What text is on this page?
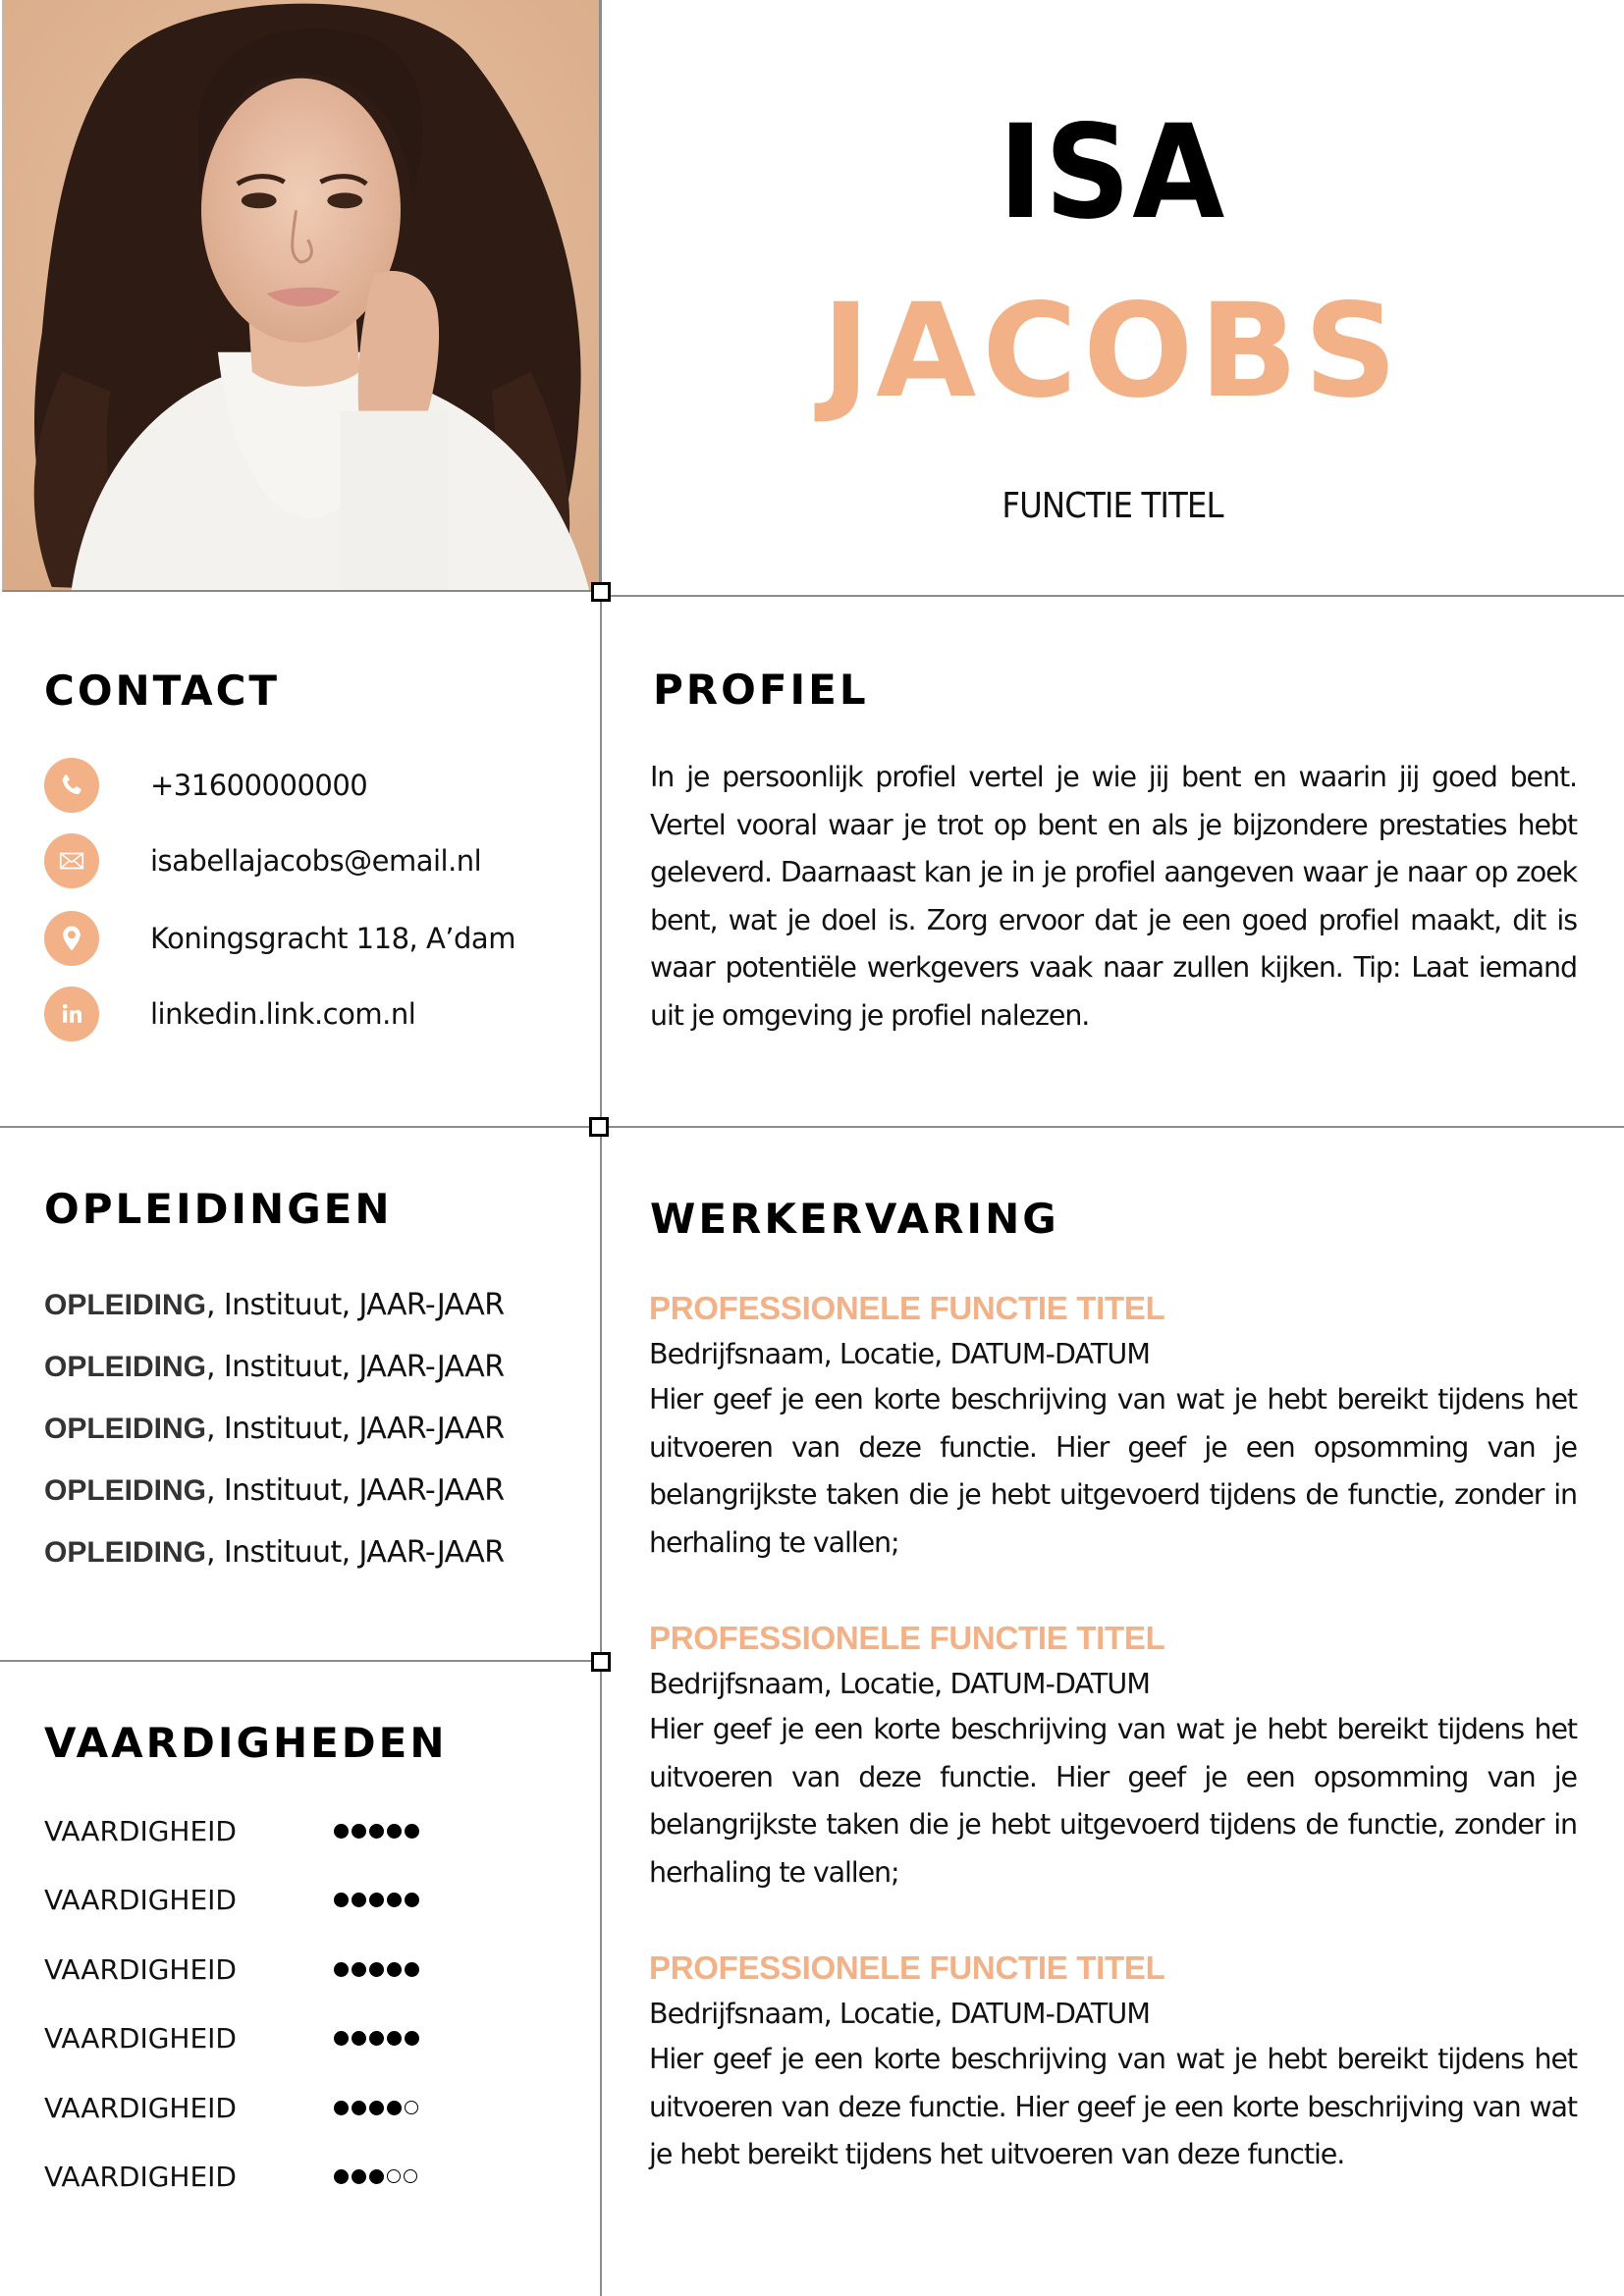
ISA
JACOBS
FUNCTIE TITEL
CONTACT
+31600000000
isabellajacobs@email.nl
Koningsgracht 118, A’dam
linkedin.link.com.nl
PROFIEL
In je persoonlijk profiel vertel je wie jij bent en waarin jij goed bent. Vertel vooral waar je trot op bent en als je bijzondere prestaties hebt geleverd. Daarnaast kan je in je profiel aangeven waar je naar op zoek bent, wat je doel is. Zorg ervoor dat je een goed profiel maakt, dit is waar potentiële werkgevers vaak naar zullen kijken. Tip: Laat iemand uit je omgeving je profiel nalezen.
OPLEIDINGEN
OPLEIDING, Instituut, JAAR-JAAR
OPLEIDING, Instituut, JAAR-JAAR
OPLEIDING, Instituut, JAAR-JAAR
OPLEIDING, Instituut, JAAR-JAAR
OPLEIDING, Instituut, JAAR-JAAR
VAARDIGHEDEN
VAARDIGHEID
VAARDIGHEID
VAARDIGHEID
VAARDIGHEID
VAARDIGHEID
VAARDIGHEID
WERKERVARING
PROFESSIONELE FUNCTIE TITEL
Bedrijfsnaam, Locatie, DATUM-DATUM
Hier geef je een korte beschrijving van wat je hebt bereikt tijdens het uitvoeren van deze functie. Hier geef je een opsomming van je belangrijkste taken die je hebt uitgevoerd tijdens de functie, zonder in herhaling te vallen;
PROFESSIONELE FUNCTIE TITEL
Bedrijfsnaam, Locatie, DATUM-DATUM
Hier geef je een korte beschrijving van wat je hebt bereikt tijdens het uitvoeren van deze functie. Hier geef je een opsomming van je belangrijkste taken die je hebt uitgevoerd tijdens de functie, zonder in herhaling te vallen;
PROFESSIONELE FUNCTIE TITEL
Bedrijfsnaam, Locatie, DATUM-DATUM
Hier geef je een korte beschrijving van wat je hebt bereikt tijdens het uitvoeren van deze functie. Hier geef je een korte beschrijving van wat je hebt bereikt tijdens het uitvoeren van deze functie.
